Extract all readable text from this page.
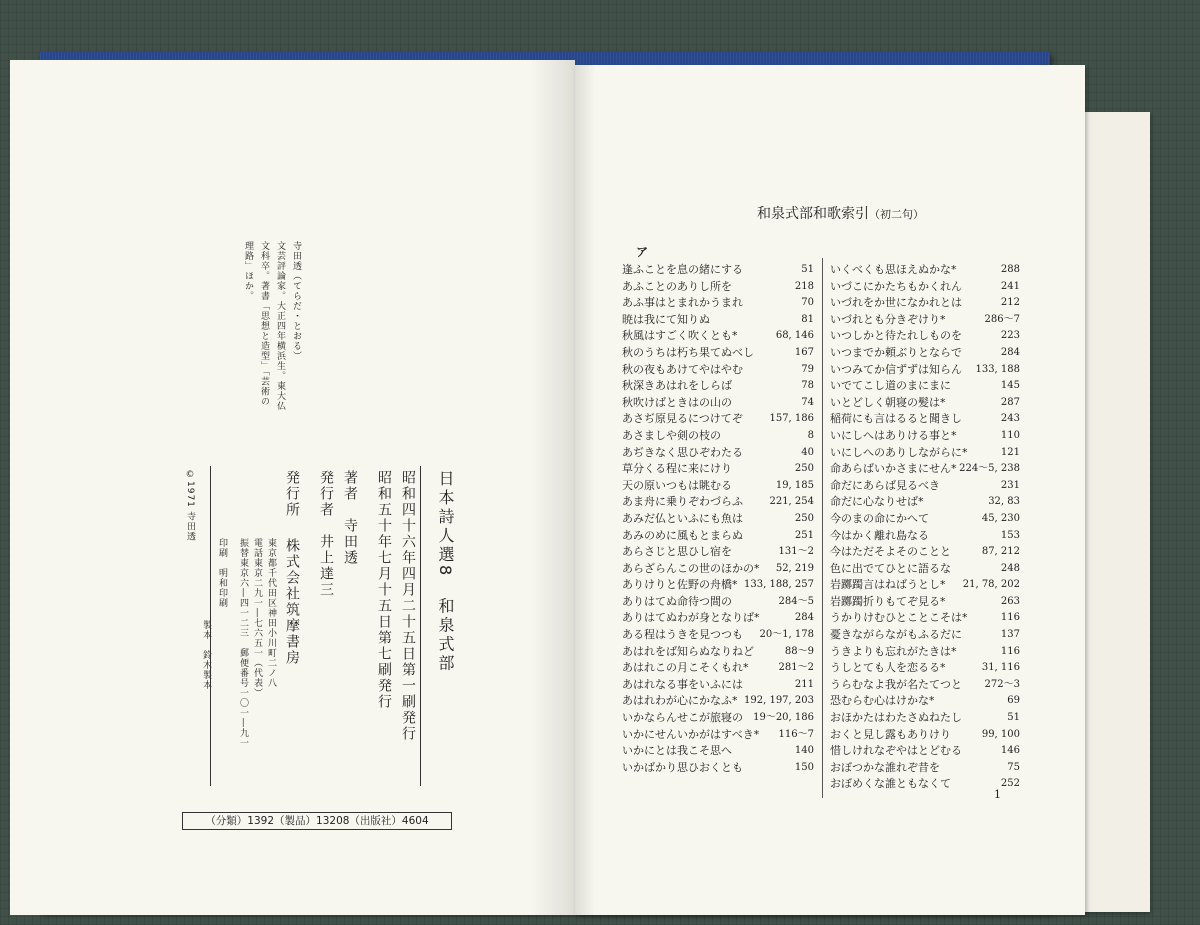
寺田透（てらだ・とおる）
文芸評論家。大正四年横浜生。東大仏
文科卒。著書「思想と造型」「芸術の
理路」ほか。
日本詩人選8　和泉式部
昭和四十六年四月二十五日第一刷発行
昭和五十年七月十五日第七刷発行
著者　寺田透
発行者　井上達三
発行所
株式会社筑摩書房
東京都千代田区神田小川町二ノ八
電話東京二九一―七六五一（代表）
振替東京六―四一二三　郵便番号一〇一―九一
印刷　明和印刷
製本　鈴木製本
©1971 寺田透
（分類）1392（製品）13208（出版社）4604
和泉式部和歌索引（初二句）
ア
逢ふことを息の緒にする	51
あふことのありし所を	218
あふ事はとまれかうまれ	70
暁は我にて知りぬ	81
秋風はすごく吹くとも*	68, 146
秋のうちは朽ち果てぬべし	167
秋の夜もあけてやはやむ	79
秋深きあはれをしらば	78
秋吹けばときはの山の	74
あさぢ原見るにつけてぞ	157, 186
あさましや剣の枝の	8
あぢきなく思ひぞわたる	40
草分くる程に来にけり	250
天の原いつもは眺むる	19, 185
あま舟に乗りぞわづらふ	221, 254
あみだ仏といふにも魚は	250
あみのめに風もとまらぬ	251
あらさじと思ひし宿を	131〜2
あらざらんこの世のほかの* 52, 219
ありけりと佐野の舟橋* 133, 188, 257
ありはてぬ命待つ間の	284〜5
ありはてぬわが身となりば*	284
ある程はうきを見つつも 20〜1, 178
あはれをば知らぬなりねど	88〜9
あはれこの月こそくもれ*	281〜2
あはれなる事をいふには	211
あはれわが心にかなふ* 192, 197, 203
いかならんせこが旅寝の 19〜20, 186
いかにせんいかがはすべき* 116〜7
いかにとは我こそ思へ	140
いかばかり思ひおくとも	150
いくべくも思ほえぬかな*	288
いづこにかたちもかくれん	241
いづれをか世になかれとは	212
いづれとも分きぞけり*	286〜7
いつしかと待たれしものを	223
いつまでか頼ぶりとならで	284
いつみてか信ずずは知らん 133, 188
いでてこし道のまにまに	145
いとどしく朝寝の髪は*	287
稲荷にも言はるると聞きし	243
いにしへはありける事と*	110
いにしへのありしながらに*	121
命あらばいかさまにせん* 224〜5, 238
命だにあらば見るべき	231
命だに心なりせば*	32, 83
今のまの命にかへて	45, 230
今はかく離れ島なる	153
今はただそよそのことと	87, 212
色に出でてひとに語るな	248
岩躑躅言はねばうとし* 21, 78, 202
岩躑躅折りもてぞ見る*	263
うかりけむひとことこそは*	116
憂きながらながもふるだに	137
うきよりも忘れがたきは*	116
うしとても人を恋るる*	31, 116
うらむなよ我が名たてつと 272〜3
恐むらむ心はけかな*	69
おほかたはわたさぬねたし	51
おくと見し露もありけり	99, 100
惜しけれなぞやはとどむる	146
おぼつかな誰れぞ昔を	75
おぼめくな誰ともなくて	252
1
